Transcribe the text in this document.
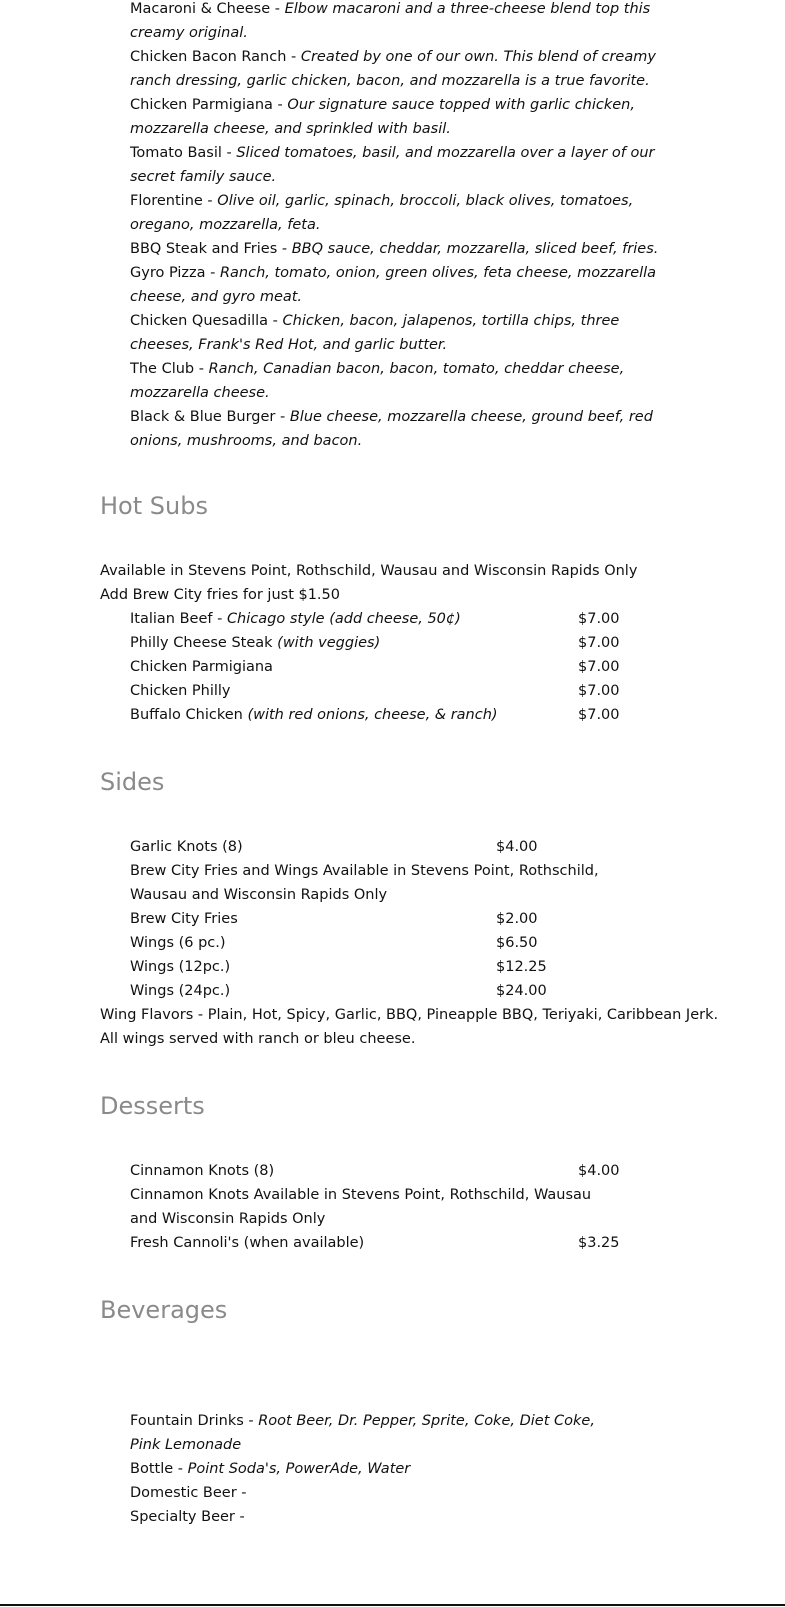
Macaroni & Cheese - Elbow macaroni and a three-cheese blend top this creamy original.
Chicken Bacon Ranch - Created by one of our own. This blend of creamy ranch dressing, garlic chicken, bacon, and mozzarella is a true favorite.
Chicken Parmigiana - Our signature sauce topped with garlic chicken, mozzarella cheese, and sprinkled with basil.
Tomato Basil - Sliced tomatoes, basil, and mozzarella over a layer of our secret family sauce.
Florentine - Olive oil, garlic, spinach, broccoli, black olives, tomatoes, oregano, mozzarella, feta.
BBQ Steak and Fries - BBQ sauce, cheddar, mozzarella, sliced beef, fries.
Gyro Pizza - Ranch, tomato, onion, green olives, feta cheese, mozzarella cheese, and gyro meat.
Chicken Quesadilla - Chicken, bacon, jalapenos, tortilla chips, three cheeses, Frank's Red Hot, and garlic butter.
The Club - Ranch, Canadian bacon, bacon, tomato, cheddar cheese, mozzarella cheese.
Black & Blue Burger - Blue cheese, mozzarella cheese, ground beef, red onions, mushrooms, and bacon.
Hot Subs
Available in Stevens Point, Rothschild, Wausau and Wisconsin Rapids Only
Add Brew City fries for just $1.50
Italian Beef - Chicago style (add cheese, 50¢)	$7.00
Philly Cheese Steak (with veggies)	$7.00
Chicken Parmigiana	$7.00
Chicken Philly	$7.00
Buffalo Chicken (with red onions, cheese, & ranch)	$7.00
Sides
Garlic Knots (8)	$4.00
Brew City Fries and Wings Available in Stevens Point, Rothschild, Wausau and Wisconsin Rapids Only
Brew City Fries	$2.00
Wings (6 pc.)	$6.50
Wings (12pc.)	$12.25
Wings (24pc.)	$24.00
Wing Flavors - Plain, Hot, Spicy, Garlic, BBQ, Pineapple BBQ, Teriyaki, Caribbean Jerk.
All wings served with ranch or bleu cheese.
Desserts
Cinnamon Knots (8)	$4.00
Cinnamon Knots Available in Stevens Point, Rothschild, Wausau and Wisconsin Rapids Only
Fresh Cannoli's (when available)	$3.25
Beverages
Fountain Drinks - Root Beer, Dr. Pepper, Sprite, Coke, Diet Coke, Pink Lemonade
Bottle - Point Soda's, PowerAde, Water
Domestic Beer -
Specialty Beer -
